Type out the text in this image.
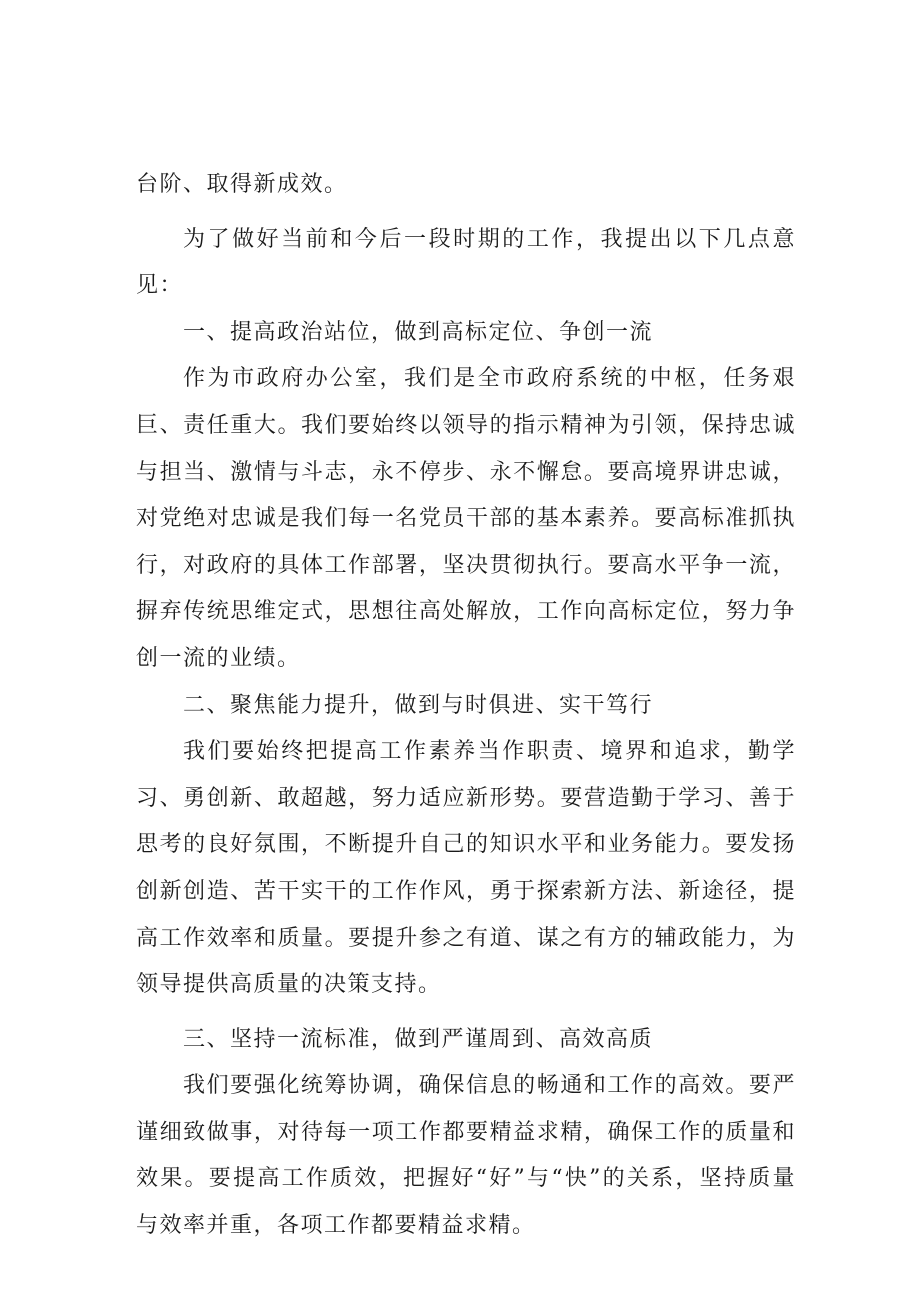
台阶、取得新成效。

为了做好当前和今后一段时期的工作，我提出以下几点意见：

一、提高政治站位，做到高标定位、争创一流

作为市政府办公室，我们是全市政府系统的中枢，任务艰巨、责任重大。我们要始终以领导的指示精神为引领，保持忠诚与担当、激情与斗志，永不停步、永不懈怠。要高境界讲忠诚，对党绝对忠诚是我们每一名党员干部的基本素养。要高标准抓执行，对政府的具体工作部署，坚决贯彻执行。要高水平争一流，摒弃传统思维定式，思想往高处解放，工作向高标定位，努力争创一流的业绩。

二、聚焦能力提升，做到与时俱进、实干笃行

我们要始终把提高工作素养当作职责、境界和追求，勤学习、勇创新、敢超越，努力适应新形势。要营造勤于学习、善于思考的良好氛围，不断提升自己的知识水平和业务能力。要发扬创新创造、苦干实干的工作作风，勇于探索新方法、新途径，提高工作效率和质量。要提升参之有道、谋之有方的辅政能力，为领导提供高质量的决策支持。

三、坚持一流标准，做到严谨周到、高效高质

我们要强化统筹协调，确保信息的畅通和工作的高效。要严谨细致做事，对待每一项工作都要精益求精，确保工作的质量和效果。要提高工作质效，把握好“好”与“快”的关系，坚持质量与效率并重，各项工作都要精益求精。
